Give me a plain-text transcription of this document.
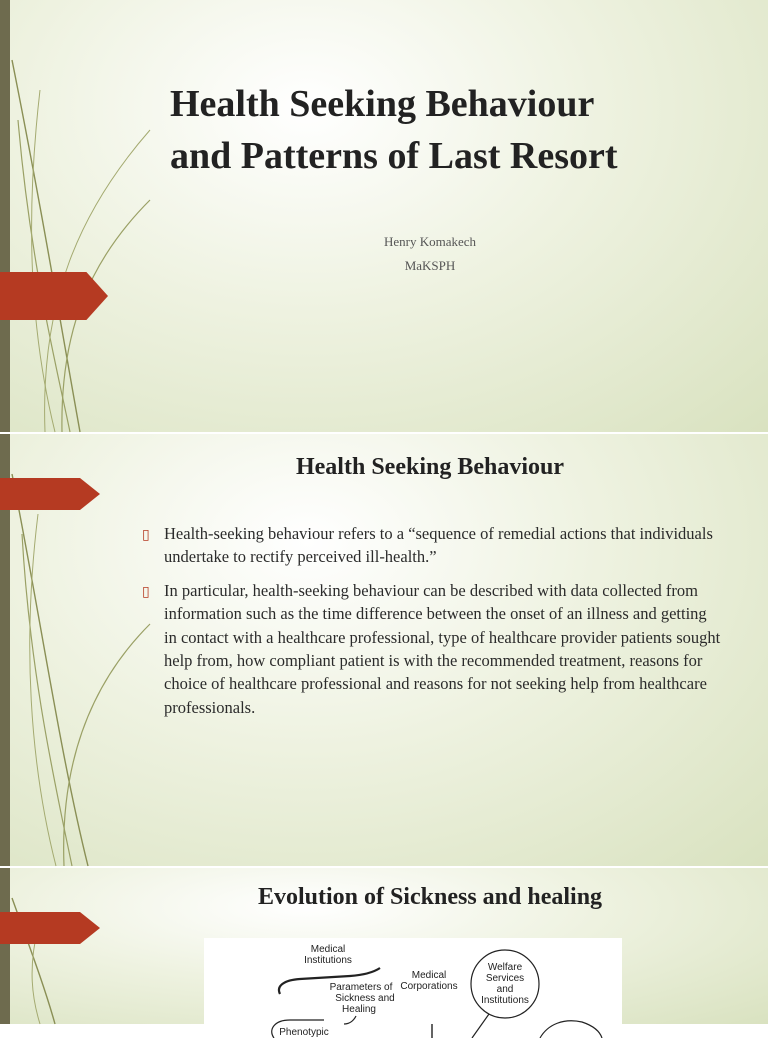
Health Seeking Behaviour
and Patterns of Last Resort
Henry Komakech
MaKSPH
Health Seeking Behaviour
▯ Health-seeking behaviour refers to a “sequence of remedial actions that individuals undertake to rectify perceived ill-health.”
▯ In particular, health-seeking behaviour can be described with data collected from information such as the time difference between the onset of an illness and getting in contact with a healthcare professional, type of healthcare provider patients sought help from, how compliant patient is with the recommended treatment, reasons for choice of healthcare professional and reasons for not seeking help from healthcare professionals.
Evolution of Sickness and healing
Medical
Institutions
Medical
Corporations
Parameters of
Sickness and
Healing
Welfare
Services
and
Institutions
Phenotypic
